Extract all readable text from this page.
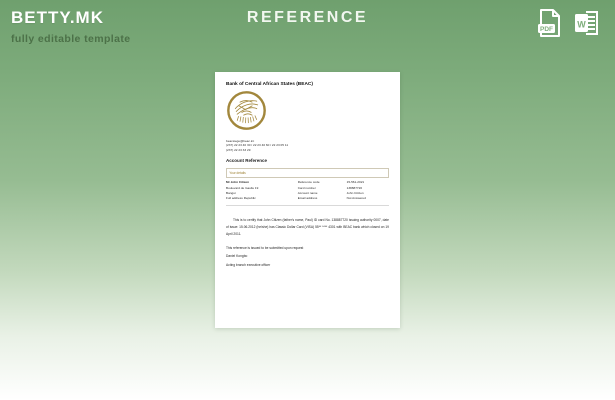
BETTY.MK
fully editable template
REFERENCE
PDF	W
Bank of Central African States (BEAC)
beacsiege@beac.int
(237) 22 23 40 30 / 22 23 40 60 / 22 23 05 11
(237) 22 23 33 29
Account Reference
Your details
Mr John Citizen
Boulevard de Gaulle 19
Bangui
Full address Republic
Reference code
Card number
Account name
Email address
15-561-2021
138887720
John Citizen
Not Answered
This is to certify that John Citizen (father's name, Paul) ID card No. 138887720 issuing authority 0007, date of issue: 15.06.2012 (he/she) has Classic Dollar Card (VISA) 55** **** 4301 with BEAC bank which closed on 19 April 2011.
This reference is issued to be submitted upon request
Daniel Kongbo
Acting branch executive officer
